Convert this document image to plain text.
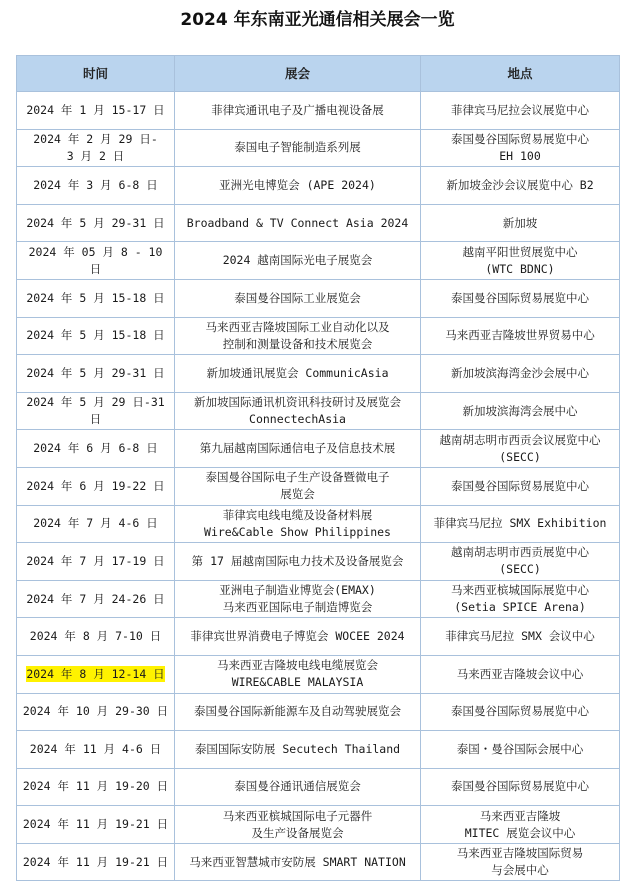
2024 年东南亚光通信相关展会一览
时间	展会	地点

2024 年 1 月 15-17 日	菲律宾通讯电子及广播电视设备展	菲律宾马尼拉会议展览中心

2024 年 2 月 29 日-
3 月 2 日	泰国电子智能制造系列展	泰国曼谷国际贸易展览中心
EH 100

2024 年 3 月 6-8 日	亚洲光电博览会 (APE 2024)	新加坡金沙会议展览中心 B2

2024 年 5 月 29-31 日	Broadband & TV Connect Asia 2024	新加坡

2024 年 05 月 8 - 10 日	2024 越南国际光电子展览会	越南平阳世贸展览中心
(WTC BDNC)

2024 年 5 月 15-18 日	泰国曼谷国际工业展览会	泰国曼谷国际贸易展览中心

2024 年 5 月 15-18 日	马来西亚吉隆坡国际工业自动化以及
控制和测量设备和技术展览会	马来西亚吉隆坡世界贸易中心

2024 年 5 月 29-31 日	新加坡通讯展览会 CommunicAsia	新加坡滨海湾金沙会展中心

2024 年 5 月 29 日-31 日	新加坡国际通讯机资讯科技研讨及展览会
ConnectechAsia	新加坡滨海湾会展中心

2024 年 6 月 6-8 日	第九届越南国际通信电子及信息技术展	越南胡志明市西贡会议展览中心
(SECC)

2024 年 6 月 19-22 日	泰国曼谷国际电子生产设备暨微电子
展览会	泰国曼谷国际贸易展览中心

2024 年 7 月 4-6 日	菲律宾电线电缆及设备材料展
Wire&Cable Show Philippines	菲律宾马尼拉 SMX Exhibition

2024 年 7 月 17-19 日	第 17 届越南国际电力技术及设备展览会	越南胡志明市西贡展览中心
(SECC)

2024 年 7 月 24-26 日	亚洲电子制造业博览会(EMAX)
马来西亚国际电子制造博览会	马来西亚槟城国际展览中心
(Setia SPICE Arena)

2024 年 8 月 7-10 日	菲律宾世界消费电子博览会 WOCEE 2024	菲律宾马尼拉 SMX 会议中心

2024 年 8 月 12-14 日	马来西亚吉隆坡电线电缆展览会
WIRE&CABLE MALAYSIA	马来西亚吉隆坡会议中心

2024 年 10 月 29-30 日	泰国曼谷国际新能源车及自动驾驶展览会	泰国曼谷国际贸易展览中心

2024 年 11 月 4-6 日	泰国国际安防展 Secutech Thailand	泰国・曼谷国际会展中心

2024 年 11 月 19-20 日	泰国曼谷通讯通信展览会	泰国曼谷国际贸易展览中心

2024 年 11 月 19-21 日	马来西亚槟城国际电子元器件
及生产设备展览会	马来西亚吉隆坡
MITEC 展览会议中心

2024 年 11 月 19-21 日	马来西亚智慧城市安防展 SMART NATION	马来西亚吉隆坡国际贸易
与会展中心
